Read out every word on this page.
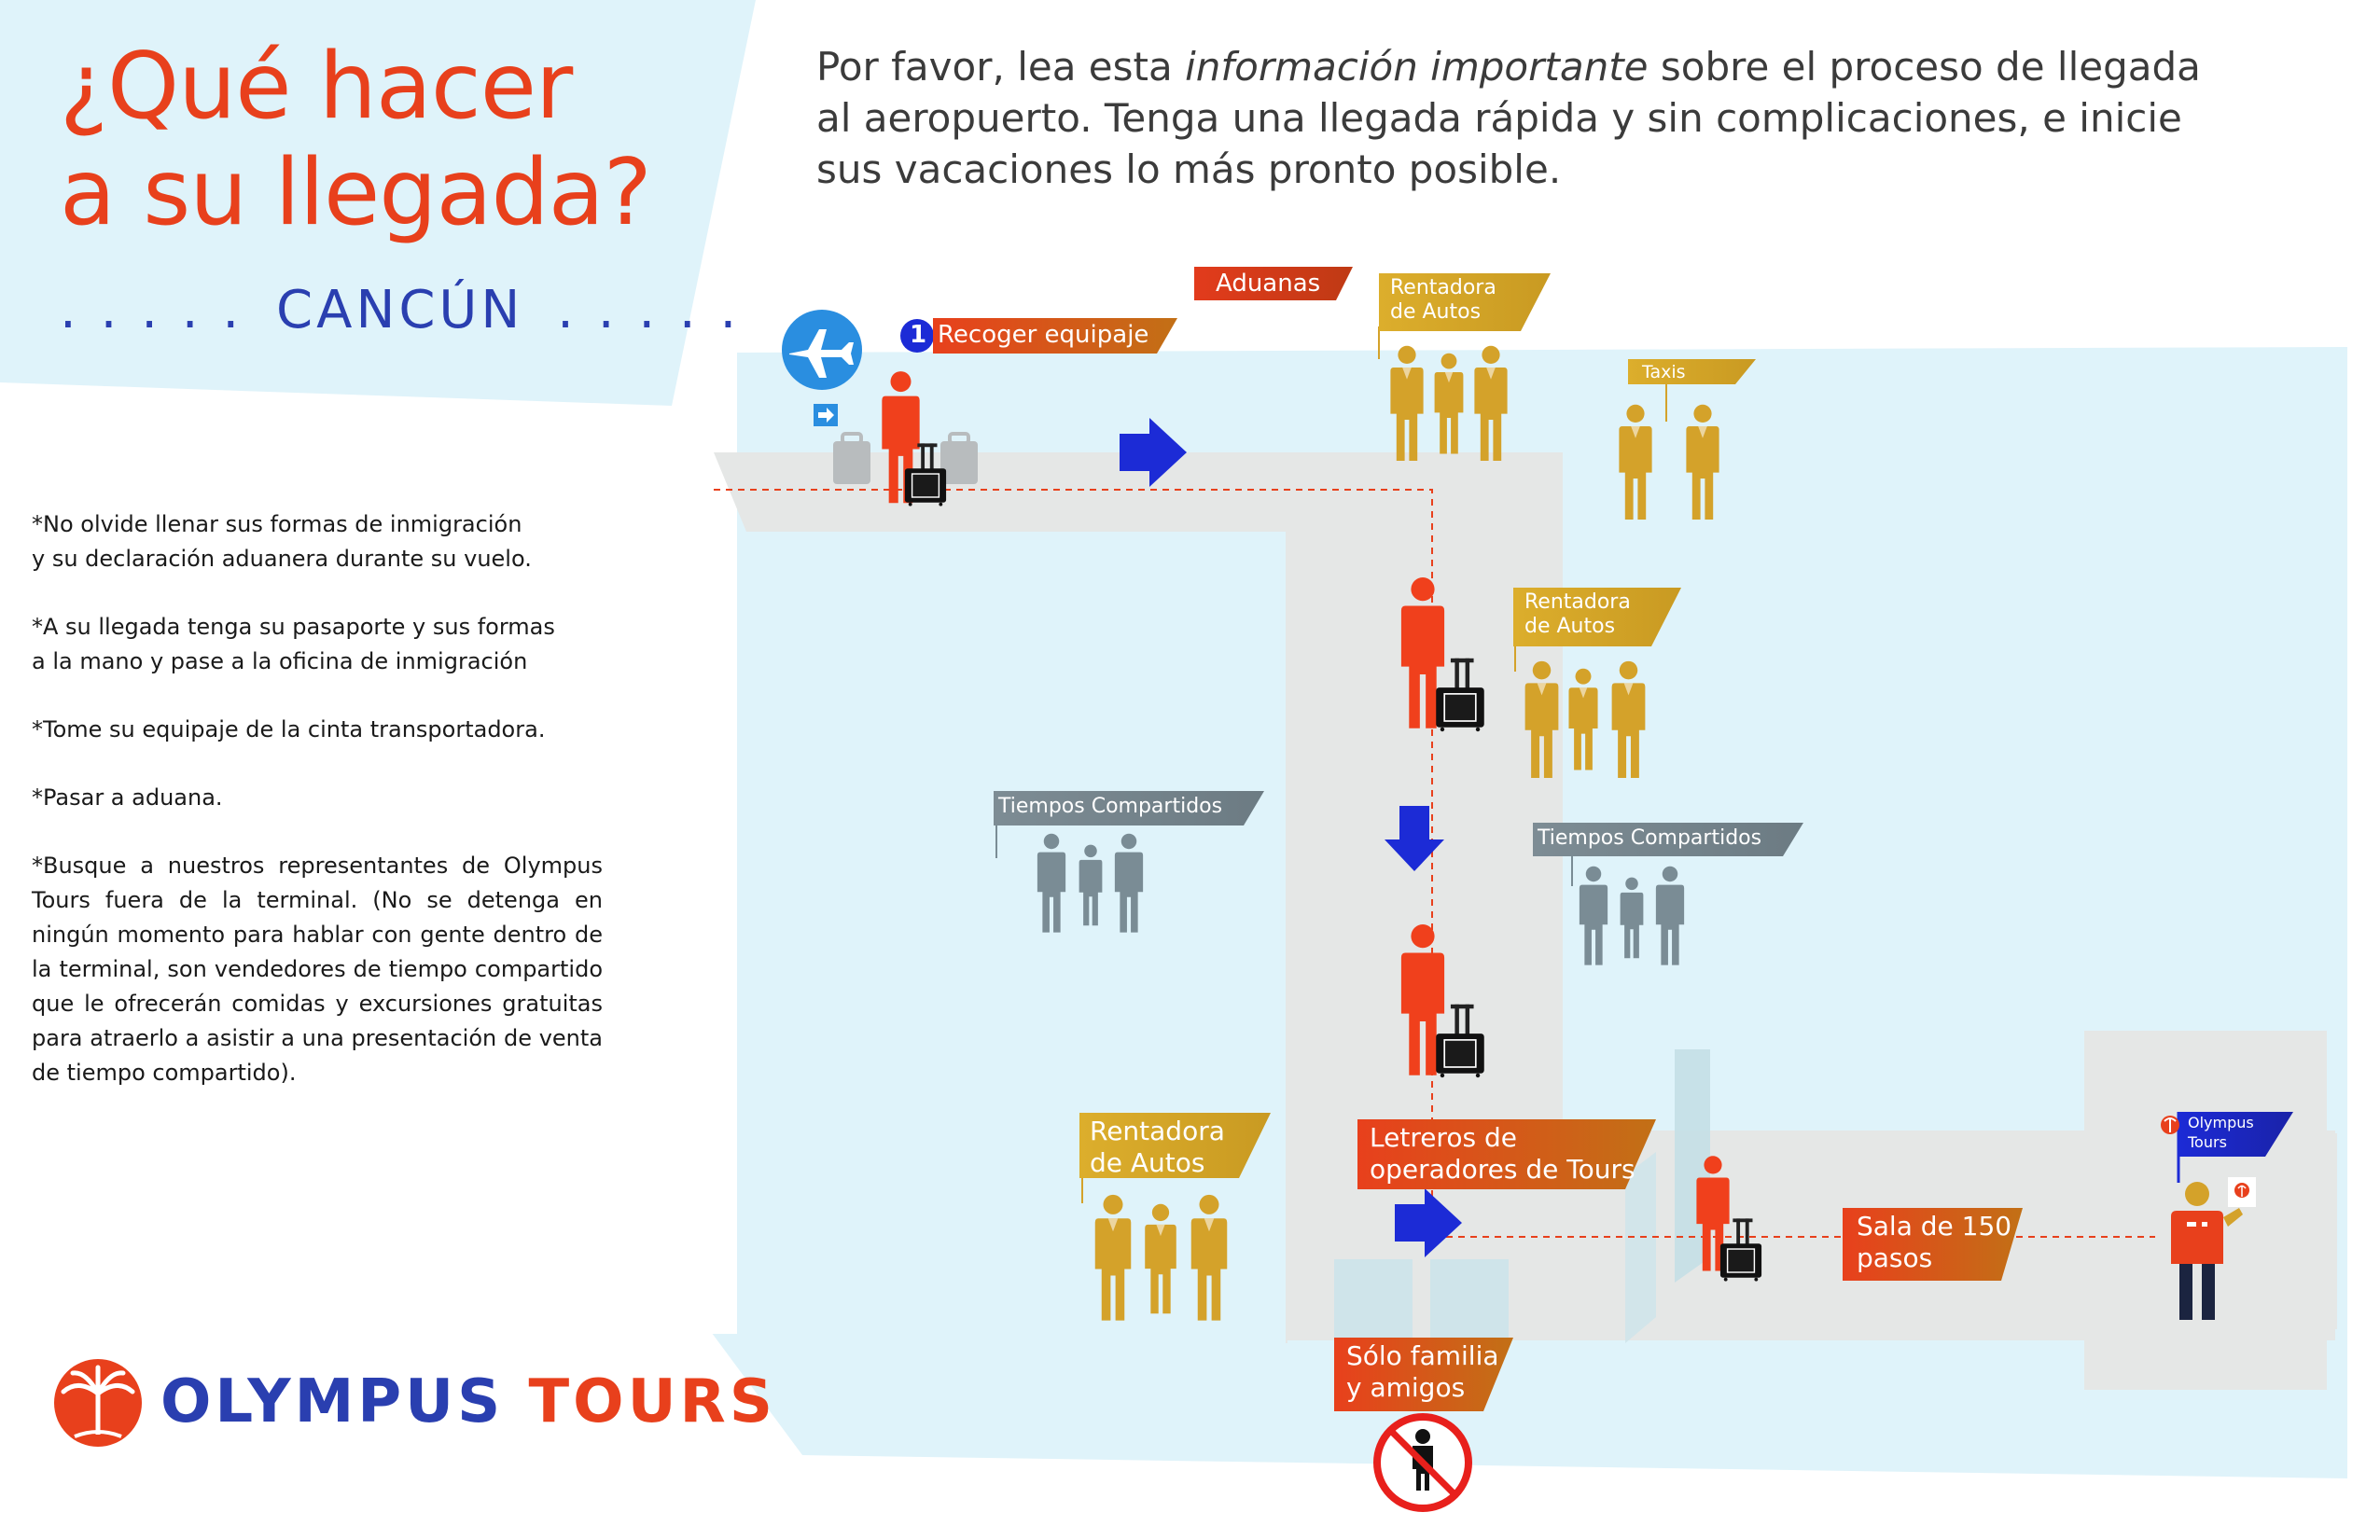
¿Qué hacer
a su llegada?
. . . . . CANCÚN . . . . .
Por favor, lea esta información importante sobre el proceso de llegada
al aeropuerto. Tenga una llegada rápida y sin complicaciones, e inicie
sus vacaciones lo más pronto posible.

*No olvide llenar sus formas de inmigración
y su declaración aduanera durante su vuelo.

*A su llegada tenga su pasaporte y sus formas
a la mano y pase a la oficina de inmigración

*Tome su equipaje de la cinta transportadora.

*Pasar a aduana.

*Busque a nuestros representantes de Olympus Tours fuera de la terminal. (No se detenga en ningún momento para hablar con gente dentro de la terminal, son vendedores de tiempo compartido que le ofrecerán comidas y excursiones gratuitas para atraerlo a asistir a una presentación de venta de tiempo compartido).

1 Recoger equipaje
Aduanas	Rentadora
de Autos
Taxis
Rentadora
de Autos
Tiempos Compartidos
Tiempos Compartidos
Rentadora
de Autos
Letreros de
operadores de Tours
Sala de 150
pasos
Sólo familia
y amigos
Olympus
Tours
OLYMPUS TOURS
